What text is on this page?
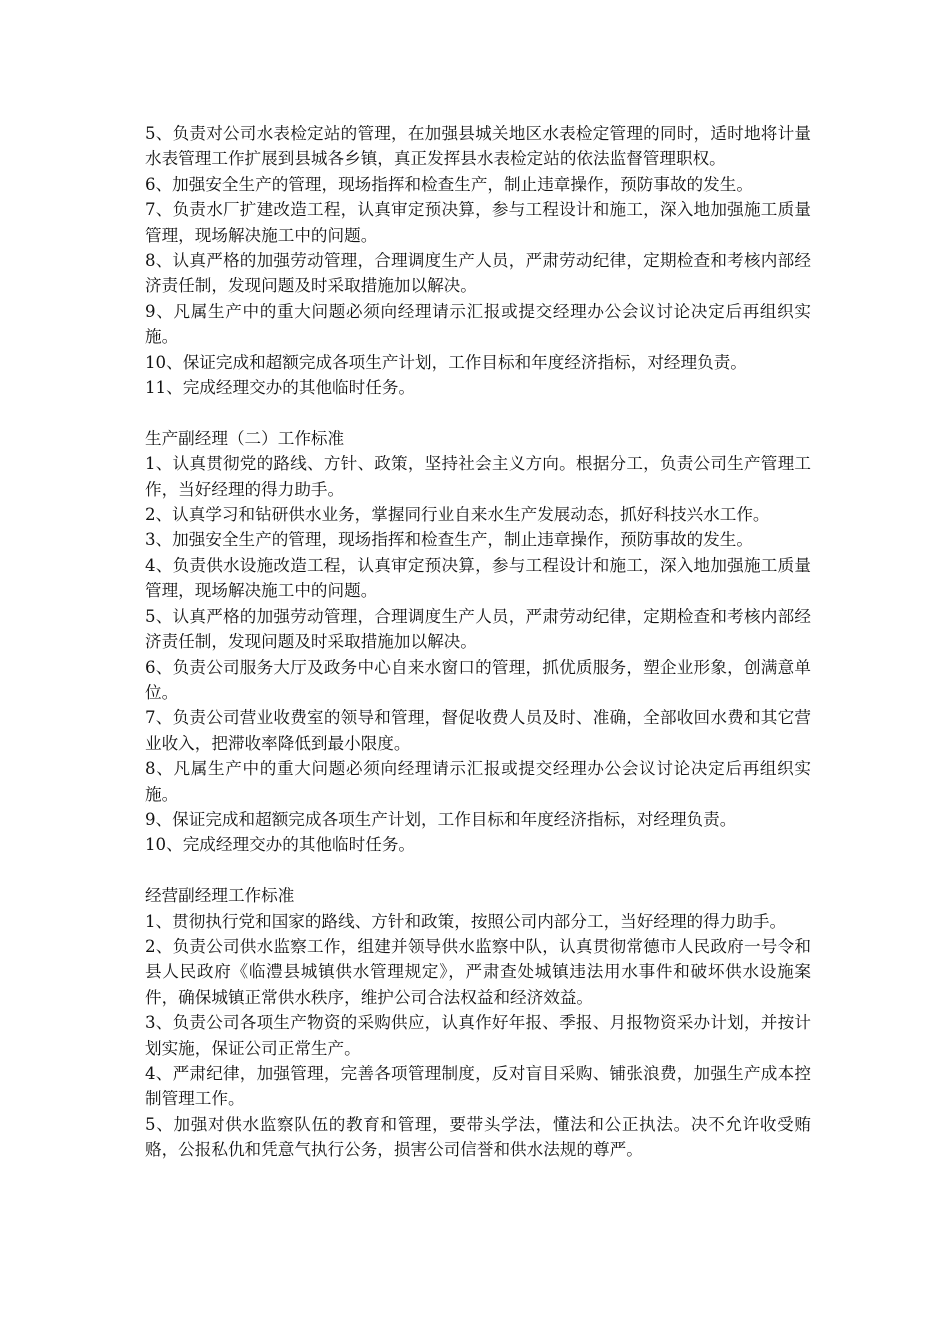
5、负责对公司水表检定站的管理，在加强县城关地区水表检定管理的同时，适时地将计量水表管理工作扩展到县城各乡镇，真正发挥县水表检定站的依法监督管理职权。

6、加强安全生产的管理，现场指挥和检查生产，制止违章操作，预防事故的发生。

7、负责水厂扩建改造工程，认真审定预决算，参与工程设计和施工，深入地加强施工质量管理，现场解决施工中的问题。

8、认真严格的加强劳动管理，合理调度生产人员，严肃劳动纪律，定期检查和考核内部经济责任制，发现问题及时采取措施加以解决。

9、凡属生产中的重大问题必须向经理请示汇报或提交经理办公会议讨论决定后再组织实施。

10、保证完成和超额完成各项生产计划，工作目标和年度经济指标，对经理负责。

11、完成经理交办的其他临时任务。

生产副经理（二）工作标准

1、认真贯彻党的路线、方针、政策，坚持社会主义方向。根据分工，负责公司生产管理工作，当好经理的得力助手。

2、认真学习和钻研供水业务，掌握同行业自来水生产发展动态，抓好科技兴水工作。

3、加强安全生产的管理，现场指挥和检查生产，制止违章操作，预防事故的发生。

4、负责供水设施改造工程，认真审定预决算，参与工程设计和施工，深入地加强施工质量管理，现场解决施工中的问题。

5、认真严格的加强劳动管理，合理调度生产人员，严肃劳动纪律，定期检查和考核内部经济责任制，发现问题及时采取措施加以解决。

6、负责公司服务大厅及政务中心自来水窗口的管理，抓优质服务，塑企业形象，创满意单位。

7、负责公司营业收费室的领导和管理，督促收费人员及时、准确，全部收回水费和其它营业收入，把滞收率降低到最小限度。

8、凡属生产中的重大问题必须向经理请示汇报或提交经理办公会议讨论决定后再组织实施。

9、保证完成和超额完成各项生产计划，工作目标和年度经济指标，对经理负责。

10、完成经理交办的其他临时任务。

经营副经理工作标准

1、贯彻执行党和国家的路线、方针和政策，按照公司内部分工，当好经理的得力助手。

2、负责公司供水监察工作，组建并领导供水监察中队，认真贯彻常德市人民政府一号令和县人民政府《临澧县城镇供水管理规定》，严肃查处城镇违法用水事件和破坏供水设施案件，确保城镇正常供水秩序，维护公司合法权益和经济效益。

3、负责公司各项生产物资的采购供应，认真作好年报、季报、月报物资采办计划，并按计划实施，保证公司正常生产。

4、严肃纪律，加强管理，完善各项管理制度，反对盲目采购、铺张浪费，加强生产成本控制管理工作。

5、加强对供水监察队伍的教育和管理，要带头学法，懂法和公正执法。决不允许收受贿赂，公报私仇和凭意气执行公务，损害公司信誉和供水法规的尊严。
